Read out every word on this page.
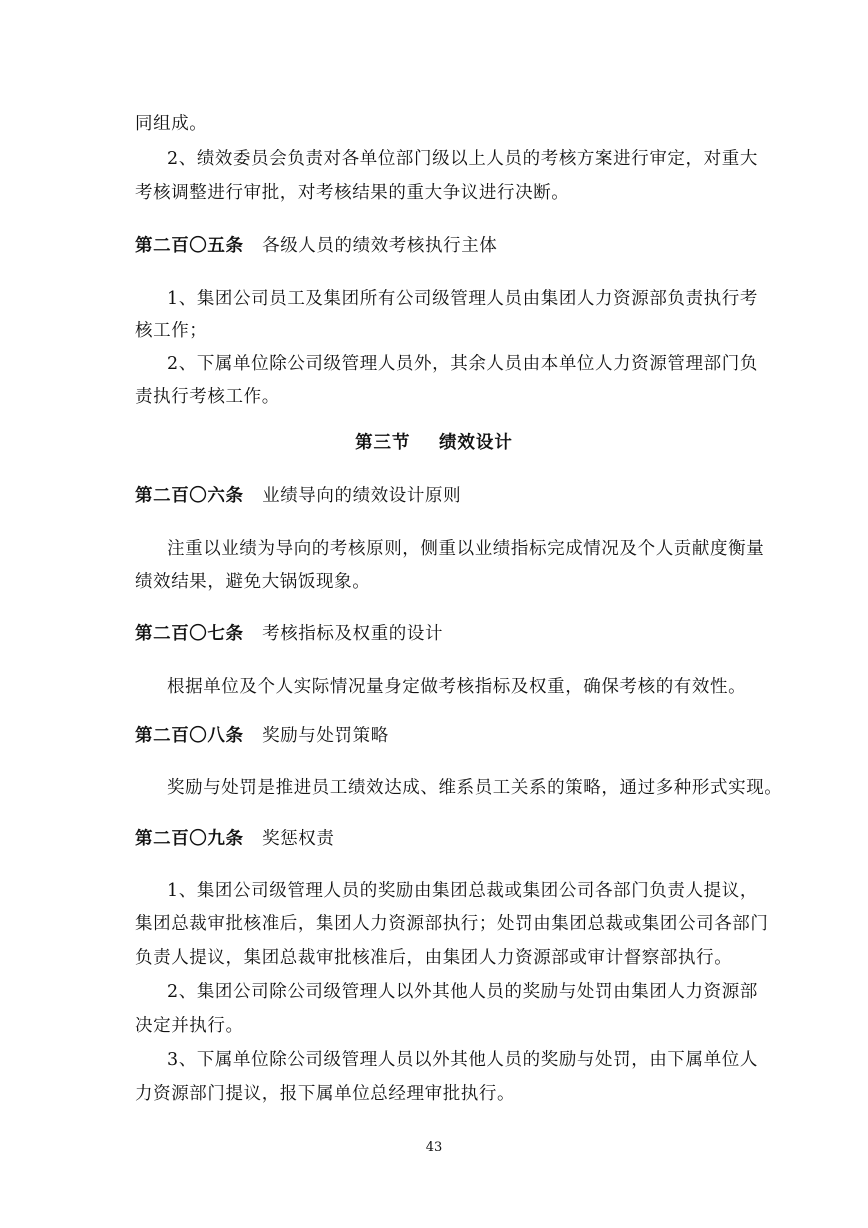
同组成。
2、绩效委员会负责对各单位部门级以上人员的考核方案进行审定，对重大
考核调整进行审批，对考核结果的重大争议进行决断。
第二百〇五条 各级人员的绩效考核执行主体
1、集团公司员工及集团所有公司级管理人员由集团人力资源部负责执行考
核工作；
2、下属单位除公司级管理人员外，其余人员由本单位人力资源管理部门负
责执行考核工作。
第三节 绩效设计
第二百〇六条 业绩导向的绩效设计原则
注重以业绩为导向的考核原则，侧重以业绩指标完成情况及个人贡献度衡量
绩效结果，避免大锅饭现象。
第二百〇七条 考核指标及权重的设计
根据单位及个人实际情况量身定做考核指标及权重，确保考核的有效性。
第二百〇八条 奖励与处罚策略
奖励与处罚是推进员工绩效达成、维系员工关系的策略，通过多种形式实现。
第二百〇九条 奖惩权责
1、集团公司级管理人员的奖励由集团总裁或集团公司各部门负责人提议，
集团总裁审批核准后，集团人力资源部执行；处罚由集团总裁或集团公司各部门
负责人提议，集团总裁审批核准后，由集团人力资源部或审计督察部执行。
2、集团公司除公司级管理人以外其他人员的奖励与处罚由集团人力资源部
决定并执行。
3、下属单位除公司级管理人员以外其他人员的奖励与处罚，由下属单位人
力资源部门提议，报下属单位总经理审批执行。
43
